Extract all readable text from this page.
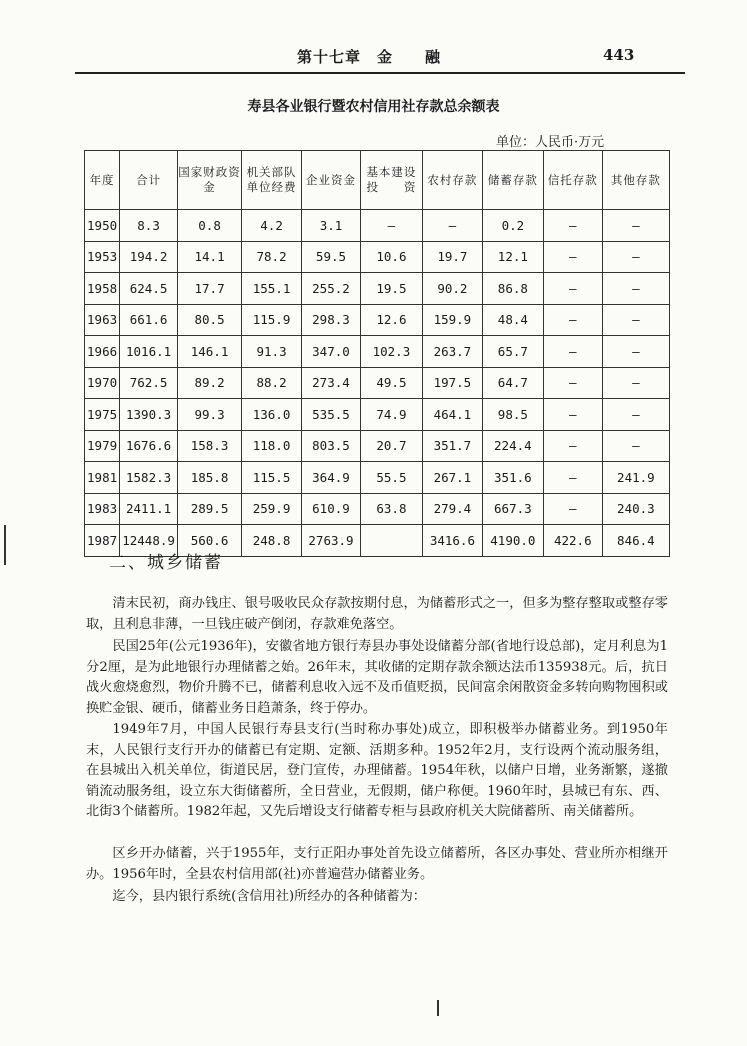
第十七章　金　　融	443
寿县各业银行暨农村信用社存款总余额表
单位：人民币·万元
年度	合计	国家财政资　　金	机关部队单位经费	企业资金	基本建设投　　资	农村存款	储蓄存款	信托存款	其他存款
1950	8.3	0.8	4.2	3.1	—	—	0.2	—	—
1953	194.2	14.1	78.2	59.5	10.6	19.7	12.1	—	—
1958	624.5	17.7	155.1	255.2	19.5	90.2	86.8	—	—
1963	661.6	80.5	115.9	298.3	12.6	159.9	48.4	—	—
1966	1016.1	146.1	91.3	347.0	102.3	263.7	65.7	—	—
1970	762.5	89.2	88.2	273.4	49.5	197.5	64.7	—	—
1975	1390.3	99.3	136.0	535.5	74.9	464.1	98.5	—	—
1979	1676.6	158.3	118.0	803.5	20.7	351.7	224.4	—	—
1981	1582.3	185.8	115.5	364.9	55.5	267.1	351.6	—	241.9
1983	2411.1	289.5	259.9	610.9	63.8	279.4	667.3	—	240.3
1987	12448.9	560.6	248.8	2763.9		3416.6	4190.0	422.6	846.4
二、城乡储蓄

清末民初，商办钱庄、银号吸收民众存款按期付息，为储蓄形式之一，但多为整存整取或整存零取，且利息非薄，一旦钱庄破产倒闭，存款难免落空。

民国25年(公元1936年)，安徽省地方银行寿县办事处设储蓄分部(省地行设总部)，定月利息为1分2厘，是为此地银行办理储蓄之始。26年末，其收储的定期存款余额达法币135938元。后，抗日战火愈烧愈烈，物价升腾不已，储蓄利息收入远不及币值贬损，民间富余闲散资金多转向购物囤积或换贮金银、硬币，储蓄业务日趋萧条，终于停办。

1949年7月，中国人民银行寿县支行(当时称办事处)成立，即积极举办储蓄业务。到1950年末，人民银行支行开办的储蓄已有定期、定额、活期多种。1952年2月，支行设两个流动服务组，在县城出入机关单位，街道民居，登门宣传，办理储蓄。1954年秋，以储户日增，业务渐繁，遂撤销流动服务组，设立东大街储蓄所，全日营业，无假期，储户称便。1960年时，县城已有东、西、北街3个储蓄所。1982年起，又先后增设支行储蓄专柜与县政府机关大院储蓄所、南关储蓄所。

区乡开办储蓄，兴于1955年，支行正阳办事处首先设立储蓄所，各区办事处、营业所亦相继开办。1956年时，全县农村信用部(社)亦普遍营办储蓄业务。

迄今，县内银行系统(含信用社)所经办的各种储蓄为：
